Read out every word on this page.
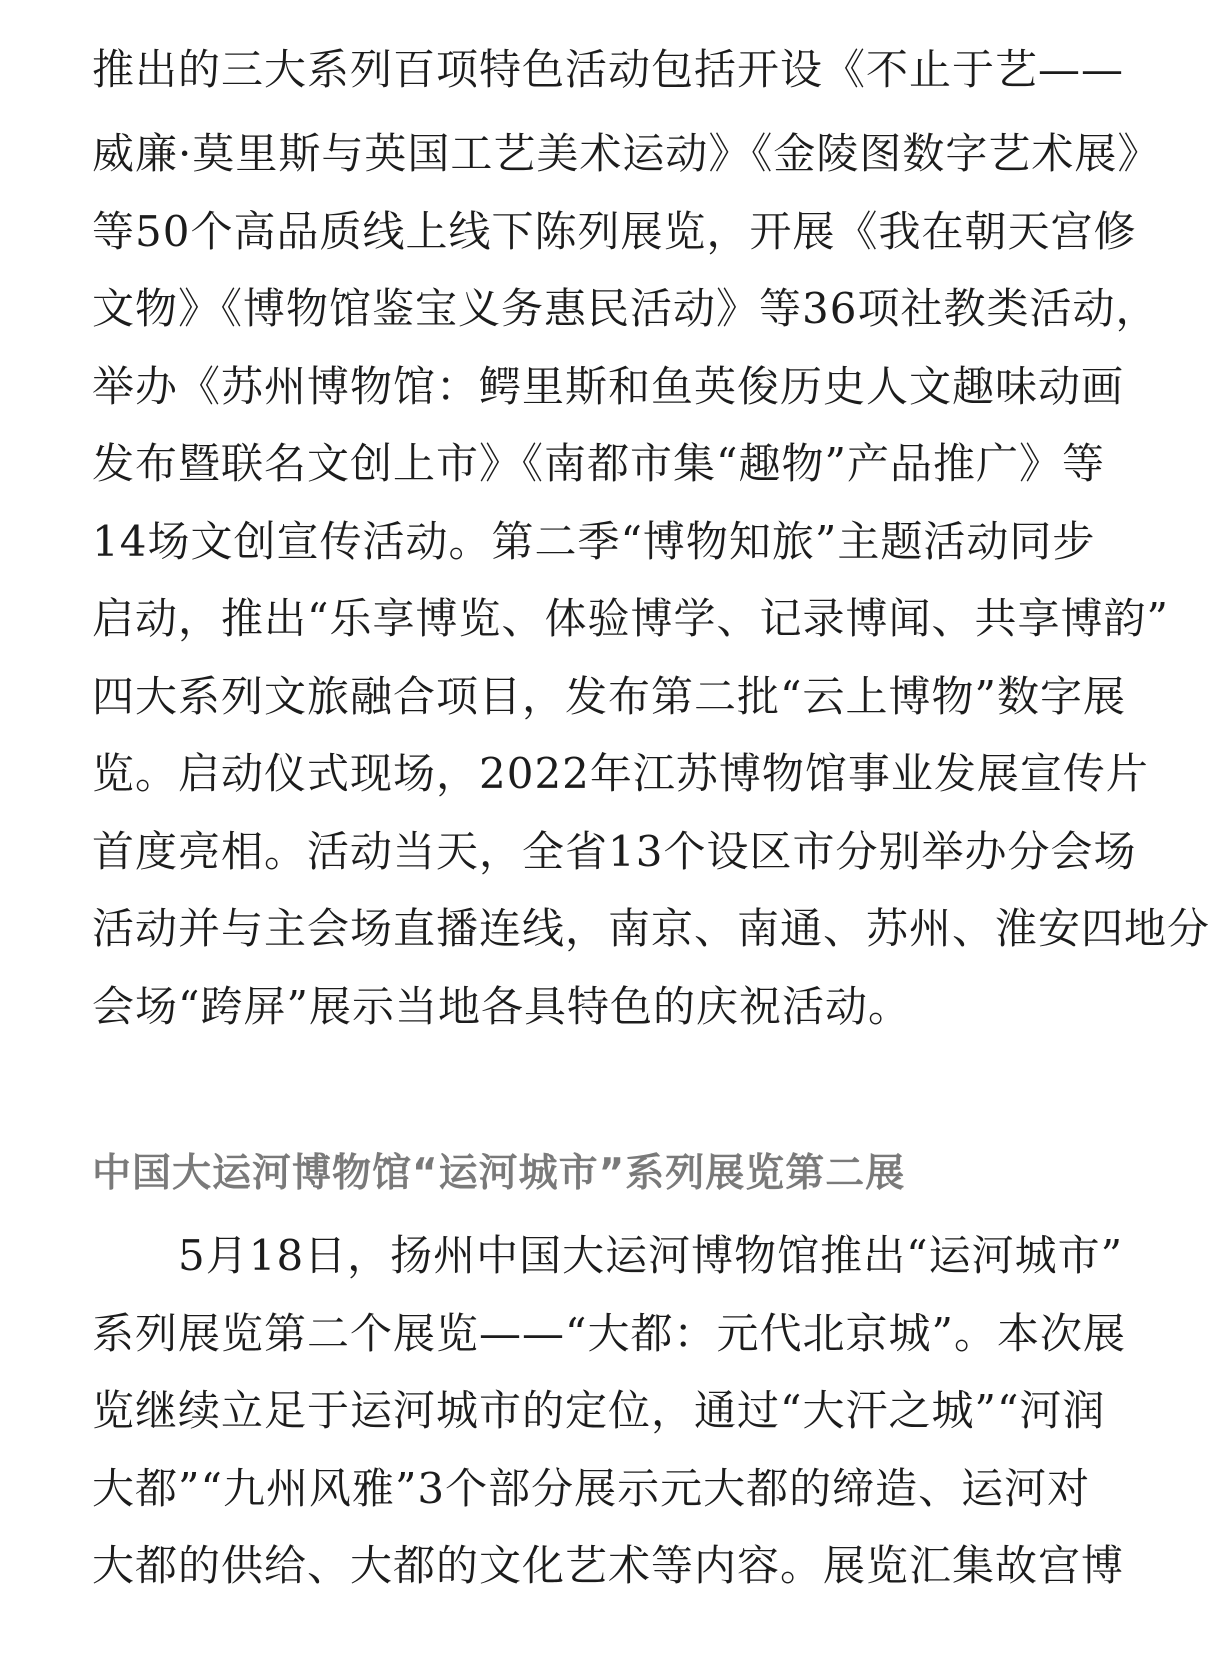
推出的三大系列百项特色活动包括开设《不止于艺——

威廉·莫里斯与英国工艺美术运动》《金陵图数字艺术展》

等50个高品质线上线下陈列展览，开展《我在朝天宫修

文物》《博物馆鉴宝义务惠民活动》等36项社教类活动，

举办《苏州博物馆：鳄里斯和鱼英俊历史人文趣味动画

发布暨联名文创上市》《南都市集“趣物”产品推广》等

14场文创宣传活动。第二季“博物知旅”主题活动同步

启动，推出“乐享博览、体验博学、记录博闻、共享博韵”

四大系列文旅融合项目，发布第二批“云上博物”数字展

览。启动仪式现场，2022年江苏博物馆事业发展宣传片

首度亮相。活动当天，全省13个设区市分别举办分会场

活动并与主会场直播连线，南京、南通、苏州、淮安四地分

会场“跨屏”展示当地各具特色的庆祝活动。

中国大运河博物馆“运河城市”系列展览第二展

5月18日，扬州中国大运河博物馆推出“运河城市”

系列展览第二个展览——“大都：元代北京城”。本次展

览继续立足于运河城市的定位，通过“大汗之城”“河润

大都”“九州风雅”3个部分展示元大都的缔造、运河对

大都的供给、大都的文化艺术等内容。展览汇集故宫博
